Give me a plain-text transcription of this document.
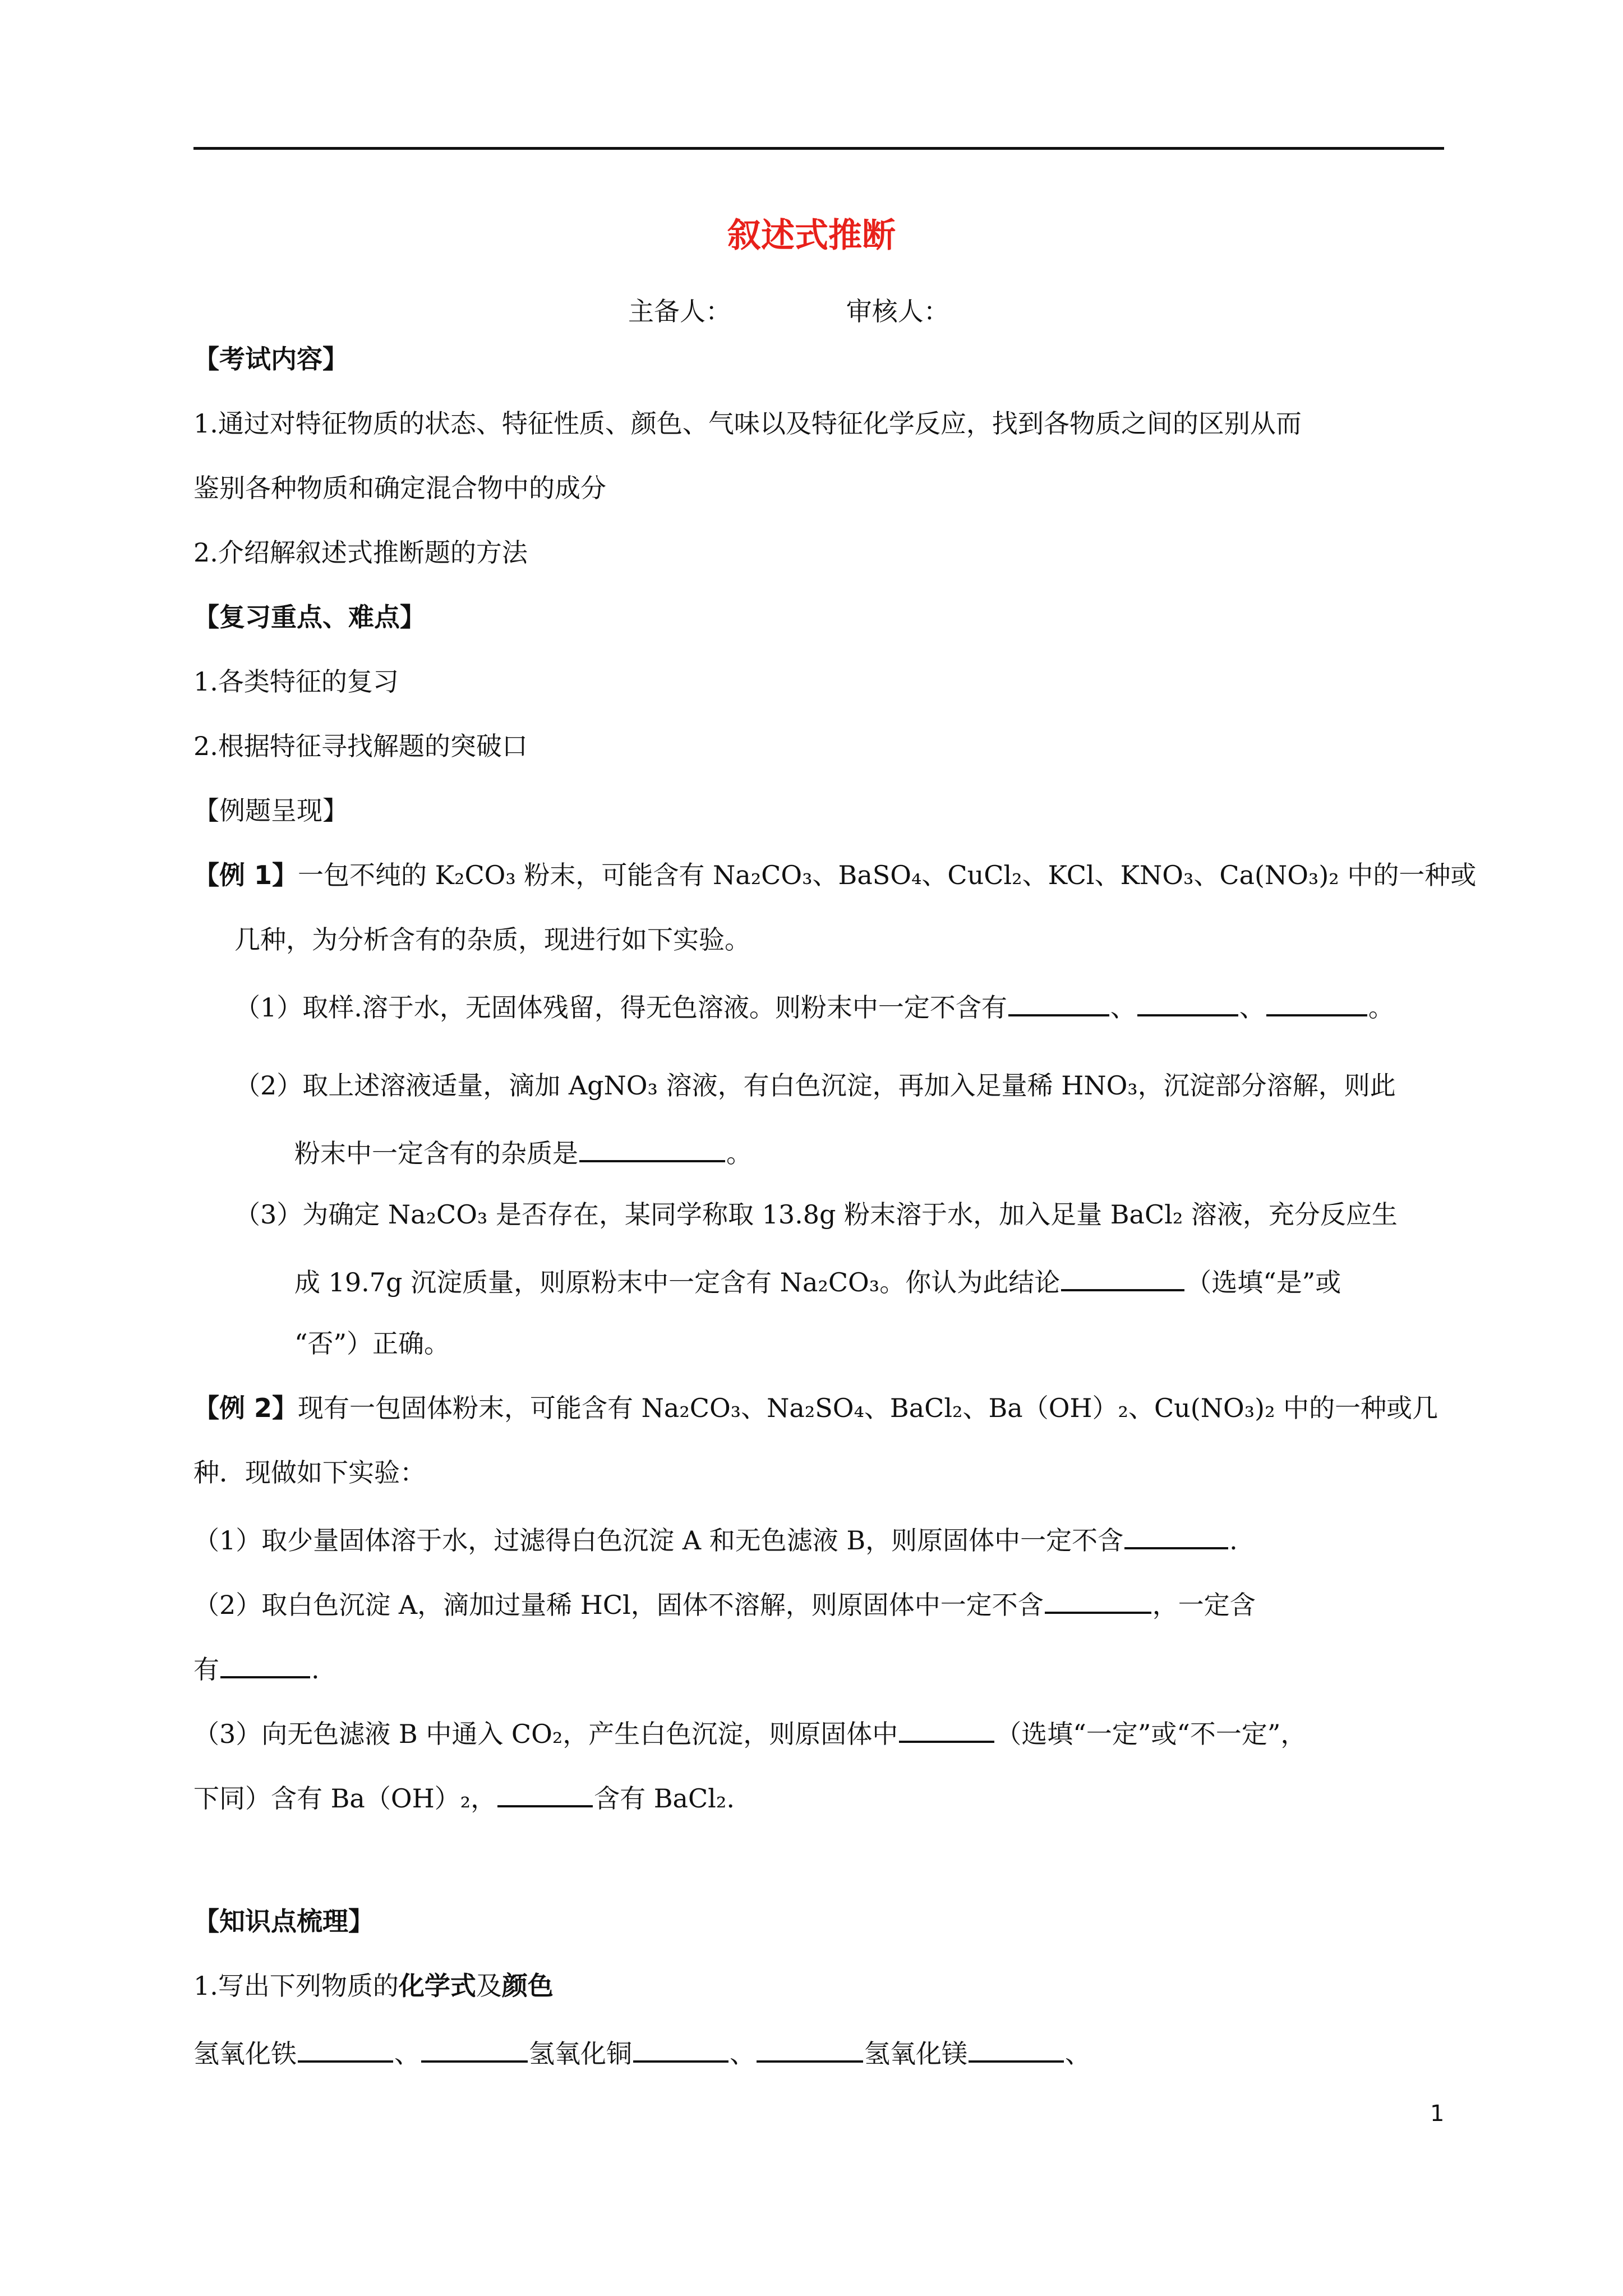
叙述式推断
主备人：              审核人：
【考试内容】
1.通过对特征物质的状态、特征性质、颜色、气味以及特征化学反应，找到各物质之间的区别从而
鉴别各种物质和确定混合物中的成分
2.介绍解叙述式推断题的方法
【复习重点、难点】
1.各类特征的复习
2.根据特征寻找解题的突破口
【例题呈现】
【例 1】一包不纯的 K₂CO₃ 粉末，可能含有 Na₂CO₃、BaSO₄、CuCl₂、KCl、KNO₃、Ca(NO₃)₂ 中的一种或
几种，为分析含有的杂质，现进行如下实验。
（1）取样.溶于水，无固体残留，得无色溶液。则粉末中一定不含有	、	、	。
（2）取上述溶液适量，滴加 AgNO₃ 溶液，有白色沉淀，再加入足量稀 HNO₃，沉淀部分溶解，则此
粉末中一定含有的杂质是	。
（3）为确定 Na₂CO₃ 是否存在，某同学称取 13.8g 粉末溶于水，加入足量 BaCl₂ 溶液，充分反应生
成 19.7g 沉淀质量，则原粉末中一定含有 Na₂CO₃。你认为此结论	（选填“是”或
“否”）正确。
【例 2】现有一包固体粉末，可能含有 Na₂CO₃、Na₂SO₄、BaCl₂、Ba（OH）₂、Cu(NO₃)₂ 中的一种或几
种．现做如下实验：
（1）取少量固体溶于水，过滤得白色沉淀 A 和无色滤液 B，则原固体中一定不含	.
（2）取白色沉淀 A，滴加过量稀 HCl，固体不溶解，则原固体中一定不含	，一定含
有	.
（3）向无色滤液 B 中通入 CO₂，产生白色沉淀，则原固体中	（选填“一定”或“不一定”，
下同）含有 Ba（OH）₂，	含有 BaCl₂.
【知识点梳理】
1.写出下列物质的化学式及颜色
氢氧化铁	、	氢氧化铜	、	氢氧化镁	、
1
